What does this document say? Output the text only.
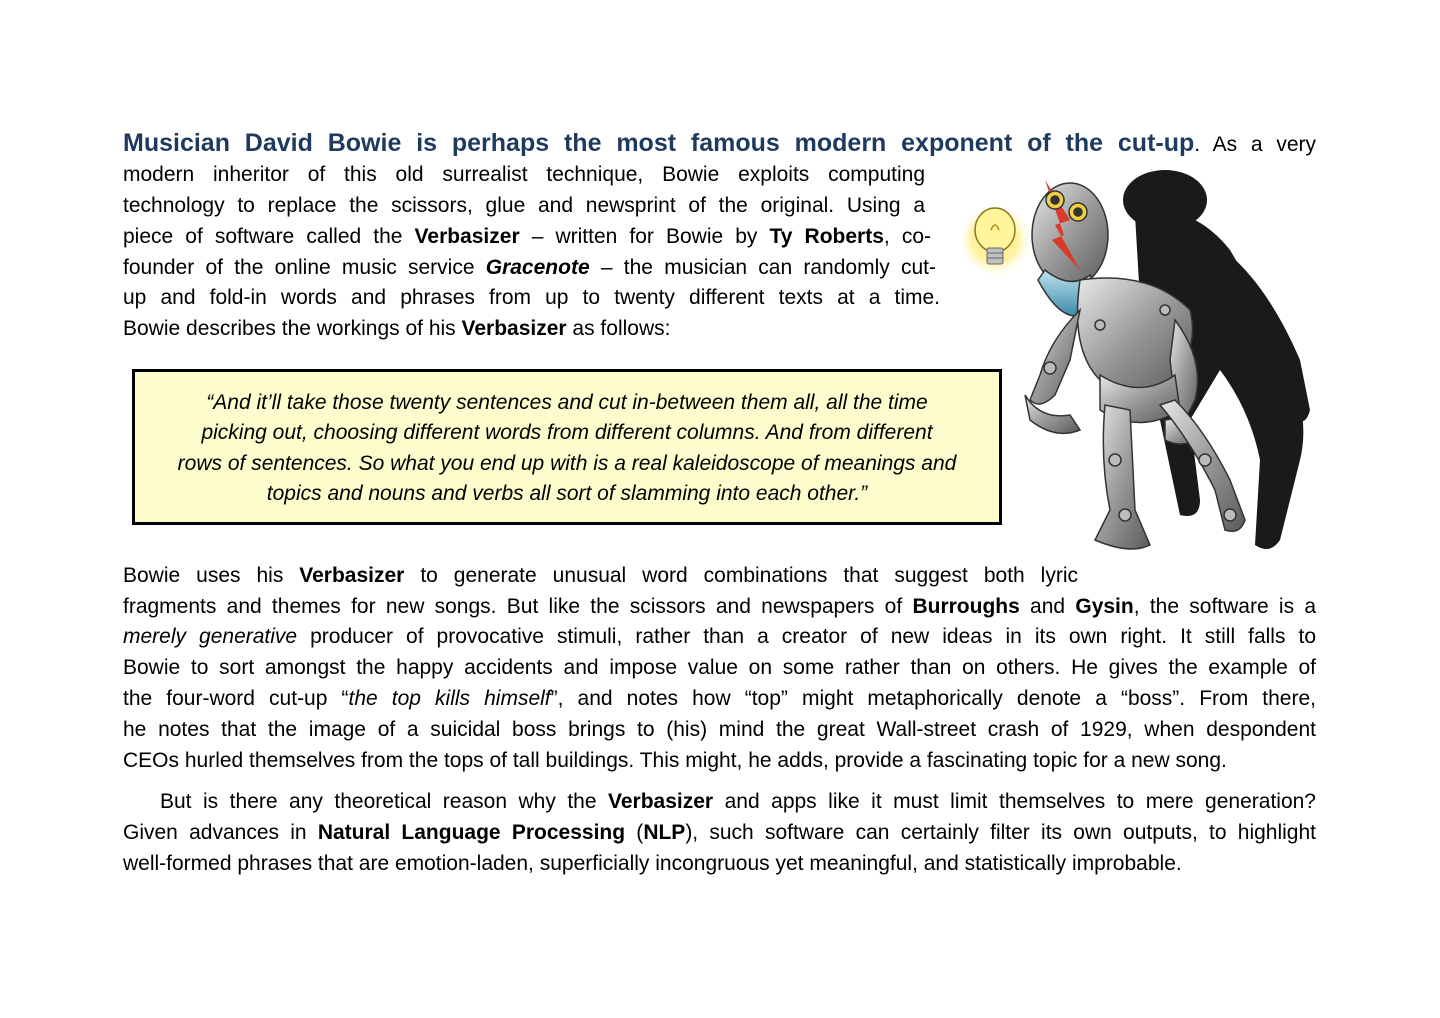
Musician David Bowie is perhaps the most famous modern exponent of the cut-up. As a very
modern inheritor of this old surrealist technique, Bowie exploits computing
technology to replace the scissors, glue and newsprint of the original. Using a
piece of software called the Verbasizer – written for Bowie by Ty Roberts, co-
founder of the online music service Gracenote – the musician can randomly cut-
up and fold-in words and phrases from up to twenty different texts at a time.
Bowie describes the workings of his Verbasizer as follows:
“And it’ll take those twenty sentences and cut in-between them all, all the time
picking out, choosing different words from different columns. And from different
rows of sentences. So what you end up with is a real kaleidoscope of meanings and
topics and nouns and verbs all sort of slamming into each other.”
Bowie uses his Verbasizer to generate unusual word combinations that suggest both lyric
fragments and themes for new songs. But like the scissors and newspapers of Burroughs and Gysin, the software is a
merely generative producer of provocative stimuli, rather than a creator of new ideas in its own right. It still falls to
Bowie to sort amongst the happy accidents and impose value on some rather than on others. He gives the example of
the four-word cut-up “the top kills himself”, and notes how “top” might metaphorically denote a “boss”. From there,
he notes that the image of a suicidal boss brings to (his) mind the great Wall-street crash of 1929, when despondent
CEOs hurled themselves from the tops of tall buildings. This might, he adds, provide a fascinating topic for a new song.
But is there any theoretical reason why the Verbasizer and apps like it must limit themselves to mere generation?
Given advances in Natural Language Processing (NLP), such software can certainly filter its own outputs, to highlight
well-formed phrases that are emotion-laden, superficially incongruous yet meaningful, and statistically improbable.
